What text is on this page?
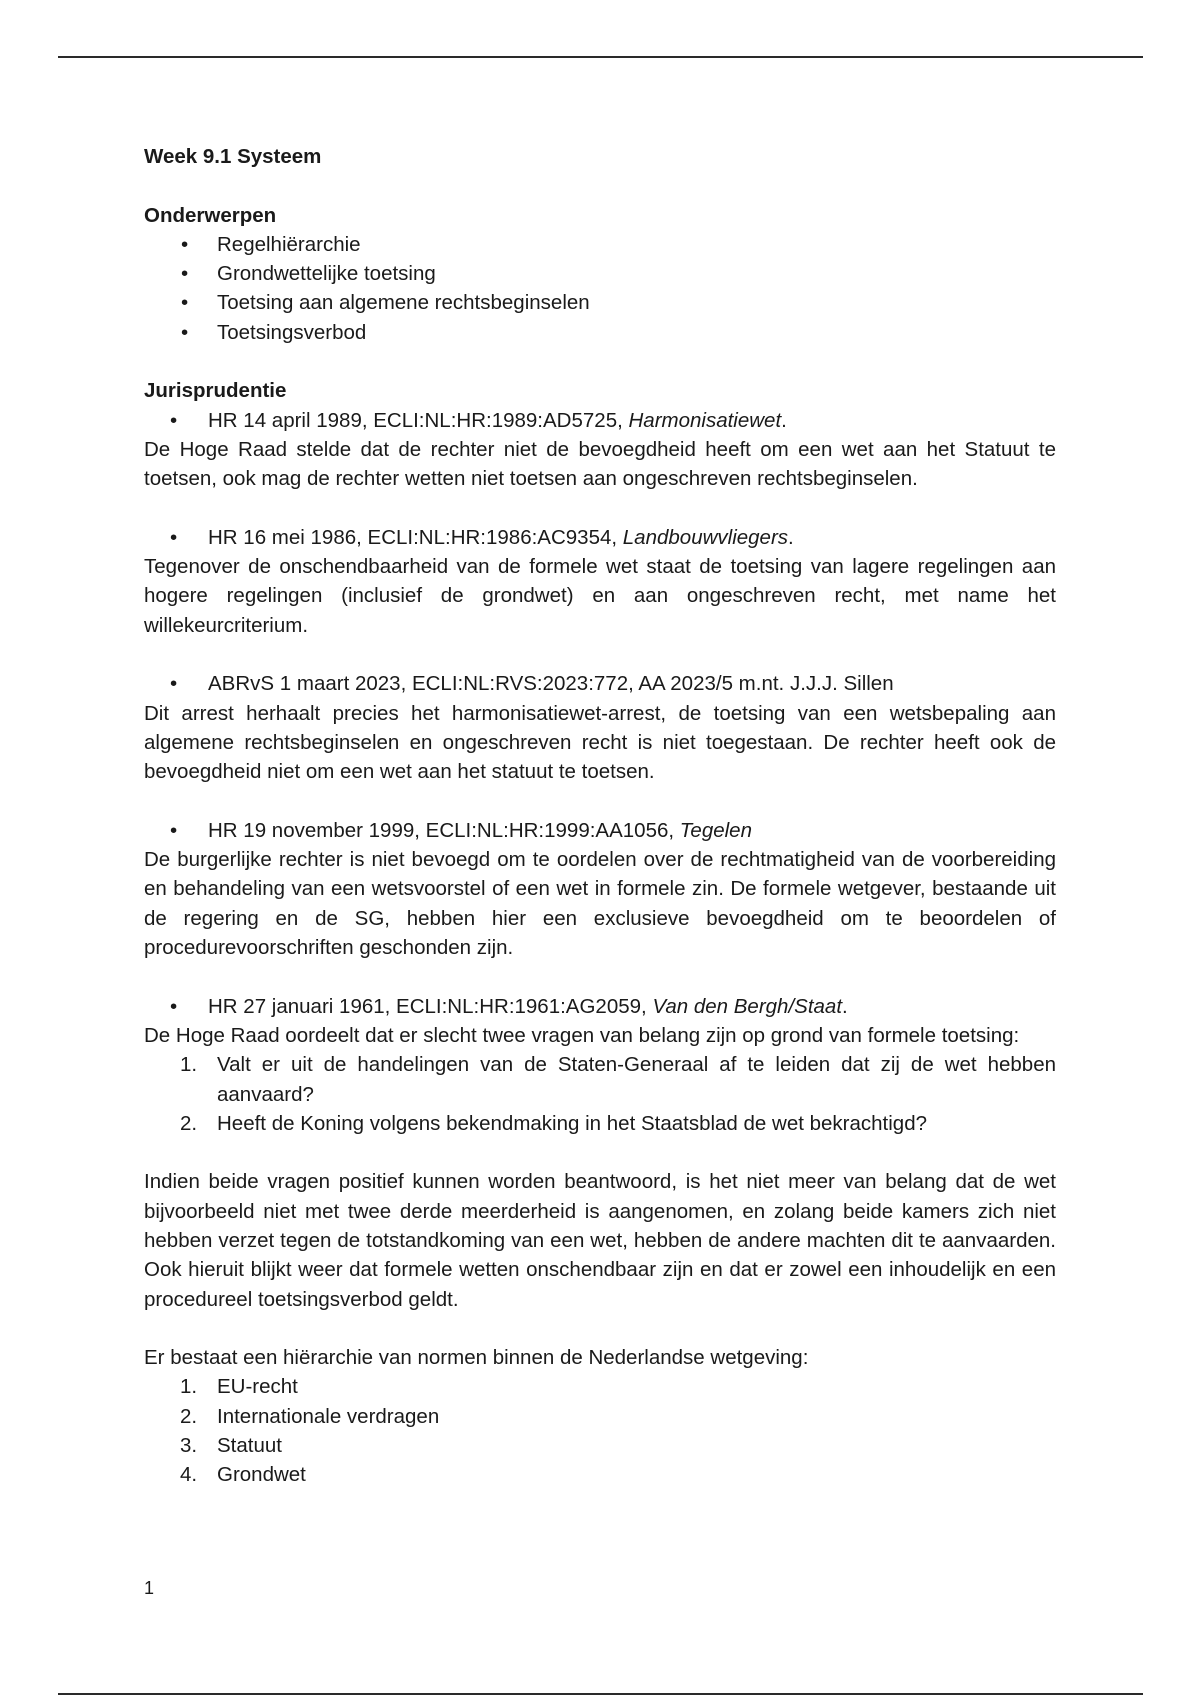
Week 9.1 Systeem

Onderwerpen

• Regelhiërarchie
• Grondwettelijke toetsing
• Toetsing aan algemene rechtsbeginselen
• Toetsingsverbod

Jurisprudentie

• HR 14 april 1989, ECLI:NL:HR:1989:AD5725, Harmonisatiewet.

De Hoge Raad stelde dat de rechter niet de bevoegdheid heeft om een wet aan het Statuut te toetsen, ook mag de rechter wetten niet toetsen aan ongeschreven rechtsbeginselen.

• HR 16 mei 1986, ECLI:NL:HR:1986:AC9354, Landbouwvliegers.

Tegenover de onschendbaarheid van de formele wet staat de toetsing van lagere regelingen aan hogere regelingen (inclusief de grondwet) en aan ongeschreven recht, met name het willekeurcriterium.

• ABRvS 1 maart 2023, ECLI:NL:RVS:2023:772, AA 2023/5 m.nt. J.J.J. Sillen

Dit arrest herhaalt precies het harmonisatiewet-arrest, de toetsing van een wetsbepaling aan algemene rechtsbeginselen en ongeschreven recht is niet toegestaan. De rechter heeft ook de bevoegdheid niet om een wet aan het statuut te toetsen.

• HR 19 november 1999, ECLI:NL:HR:1999:AA1056, Tegelen

De burgerlijke rechter is niet bevoegd om te oordelen over de rechtmatigheid van de voorbereiding en behandeling van een wetsvoorstel of een wet in formele zin. De formele wetgever, bestaande uit de regering en de SG, hebben hier een exclusieve bevoegdheid om te beoordelen of procedurevoorschriften geschonden zijn.

• HR 27 januari 1961, ECLI:NL:HR:1961:AG2059, Van den Bergh/Staat.

De Hoge Raad oordeelt dat er slecht twee vragen van belang zijn op grond van formele toetsing:

1. Valt er uit de handelingen van de Staten-Generaal af te leiden dat zij de wet hebben aanvaard?
2. Heeft de Koning volgens bekendmaking in het Staatsblad de wet bekrachtigd?

Indien beide vragen positief kunnen worden beantwoord, is het niet meer van belang dat de wet bijvoorbeeld niet met twee derde meerderheid is aangenomen, en zolang beide kamers zich niet hebben verzet tegen de totstandkoming van een wet, hebben de andere machten dit te aanvaarden. Ook hieruit blijkt weer dat formele wetten onschendbaar zijn en dat er zowel een inhoudelijk en een procedureel toetsingsverbod geldt.

Er bestaat een hiërarchie van normen binnen de Nederlandse wetgeving:

1. EU-recht
2. Internationale verdragen
3. Statuut
4. Grondwet
1
